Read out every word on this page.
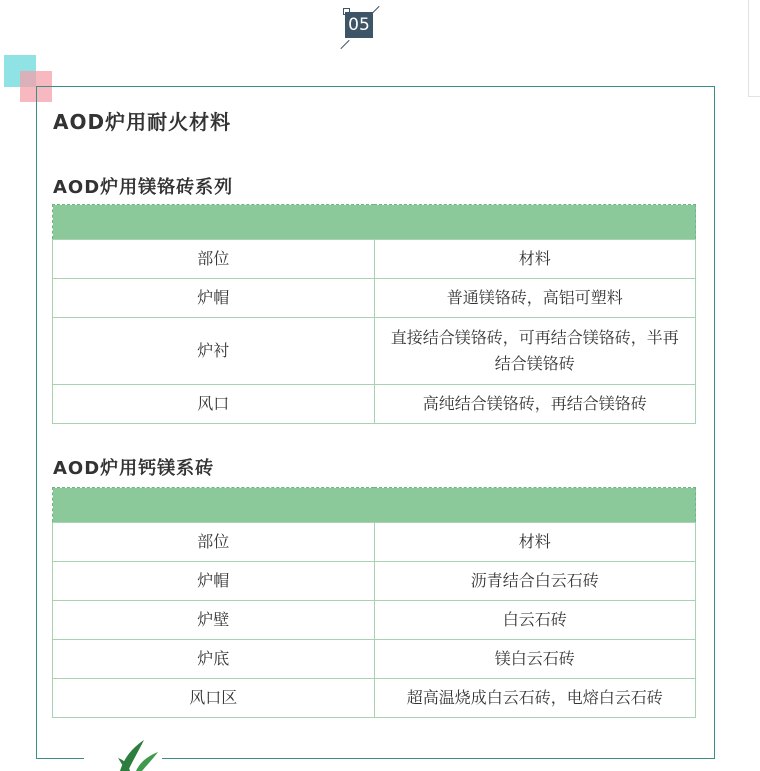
05
AOD炉用耐火材料
AOD炉用镁铬砖系列

部位	材料
炉帽	普通镁铬砖，高铝可塑料
炉衬	直接结合镁铬砖，可再结合镁铬砖，半再结合镁铬砖
风口	高纯结合镁铬砖，再结合镁铬砖
AOD炉用钙镁系砖

部位	材料
炉帽	沥青结合白云石砖
炉壁	白云石砖
炉底	镁白云石砖
风口区	超高温烧成白云石砖，电熔白云石砖
